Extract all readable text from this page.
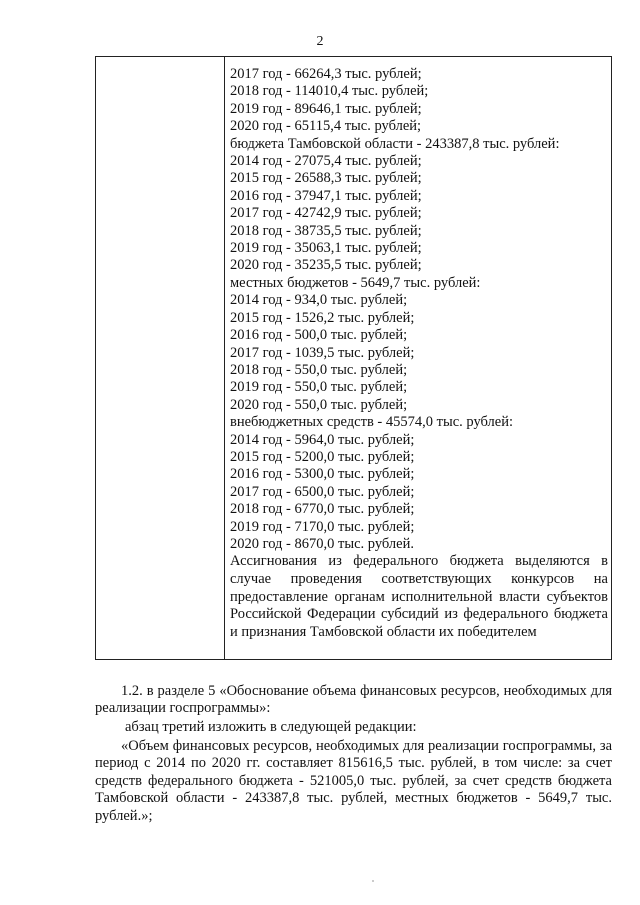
2
2017 год - 66264,3 тыс. рублей;
2018 год - 114010,4 тыс. рублей;
2019 год - 89646,1 тыс. рублей;
2020 год - 65115,4 тыс. рублей;
бюджета Тамбовской области - 243387,8 тыс. рублей:
2014 год - 27075,4 тыс. рублей;
2015 год - 26588,3 тыс. рублей;
2016 год - 37947,1 тыс. рублей;
2017 год - 42742,9 тыс. рублей;
2018 год - 38735,5 тыс. рублей;
2019 год - 35063,1 тыс. рублей;
2020 год - 35235,5 тыс. рублей;
местных бюджетов - 5649,7 тыс. рублей:
2014 год - 934,0 тыс. рублей;
2015 год - 1526,2 тыс. рублей;
2016 год - 500,0 тыс. рублей;
2017 год - 1039,5 тыс. рублей;
2018 год - 550,0 тыс. рублей;
2019 год - 550,0 тыс. рублей;
2020 год - 550,0 тыс. рублей;
внебюджетных средств - 45574,0 тыс. рублей:
2014 год - 5964,0 тыс. рублей;
2015 год - 5200,0 тыс. рублей;
2016 год - 5300,0 тыс. рублей;
2017 год - 6500,0 тыс. рублей;
2018 год - 6770,0 тыс. рублей;
2019 год - 7170,0 тыс. рублей;
2020 год - 8670,0 тыс. рублей.
Ассигнования из федерального бюджета выделяются в случае проведения соответствующих конкурсов на предоставление органам исполнительной власти субъектов Российской Федерации субсидий из федерального бюджета и признания Тамбовской области их победителем
1.2. в разделе 5 «Обоснование объема финансовых ресурсов, необходимых для реализации госпрограммы»:
абзац третий изложить в следующей редакции:
«Объем финансовых ресурсов, необходимых для реализации госпрограммы, за период с 2014 по 2020 гг. составляет 815616,5 тыс. рублей, в том числе: за счет средств федерального бюджета - 521005,0 тыс. рублей, за счет средств бюджета Тамбовской области - 243387,8 тыс. рублей, местных бюджетов - 5649,7 тыс. рублей.»;
